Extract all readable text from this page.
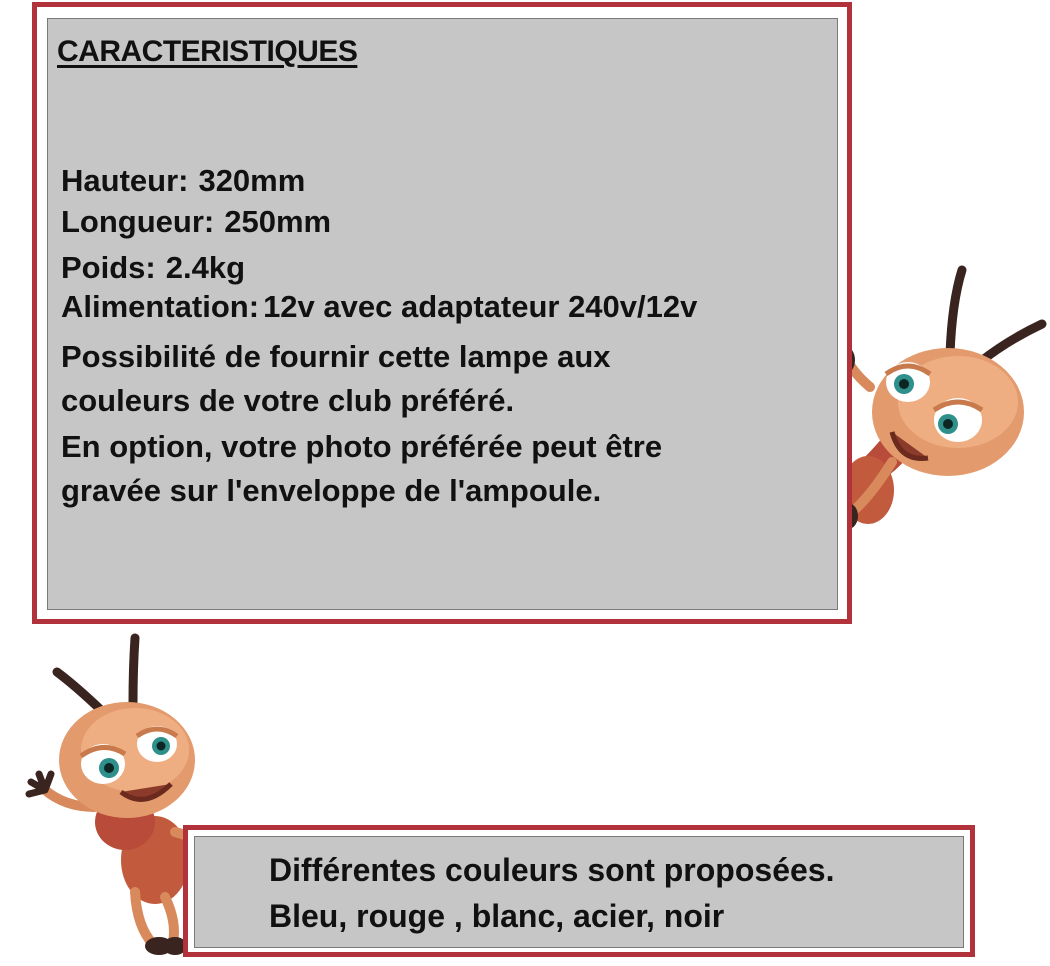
CARACTERISTIQUES
Hauteur: 320mm
Longueur: 250mm
Poids: 2.4kg
Alimentation: 12v avec adaptateur 240v/12v

Possibilité de fournir cette lampe aux couleurs de votre club préféré.

En option, votre photo préférée peut être gravée sur l'enveloppe de l'ampoule.

Différentes couleurs sont proposées.
Bleu, rouge , blanc, acier, noir
